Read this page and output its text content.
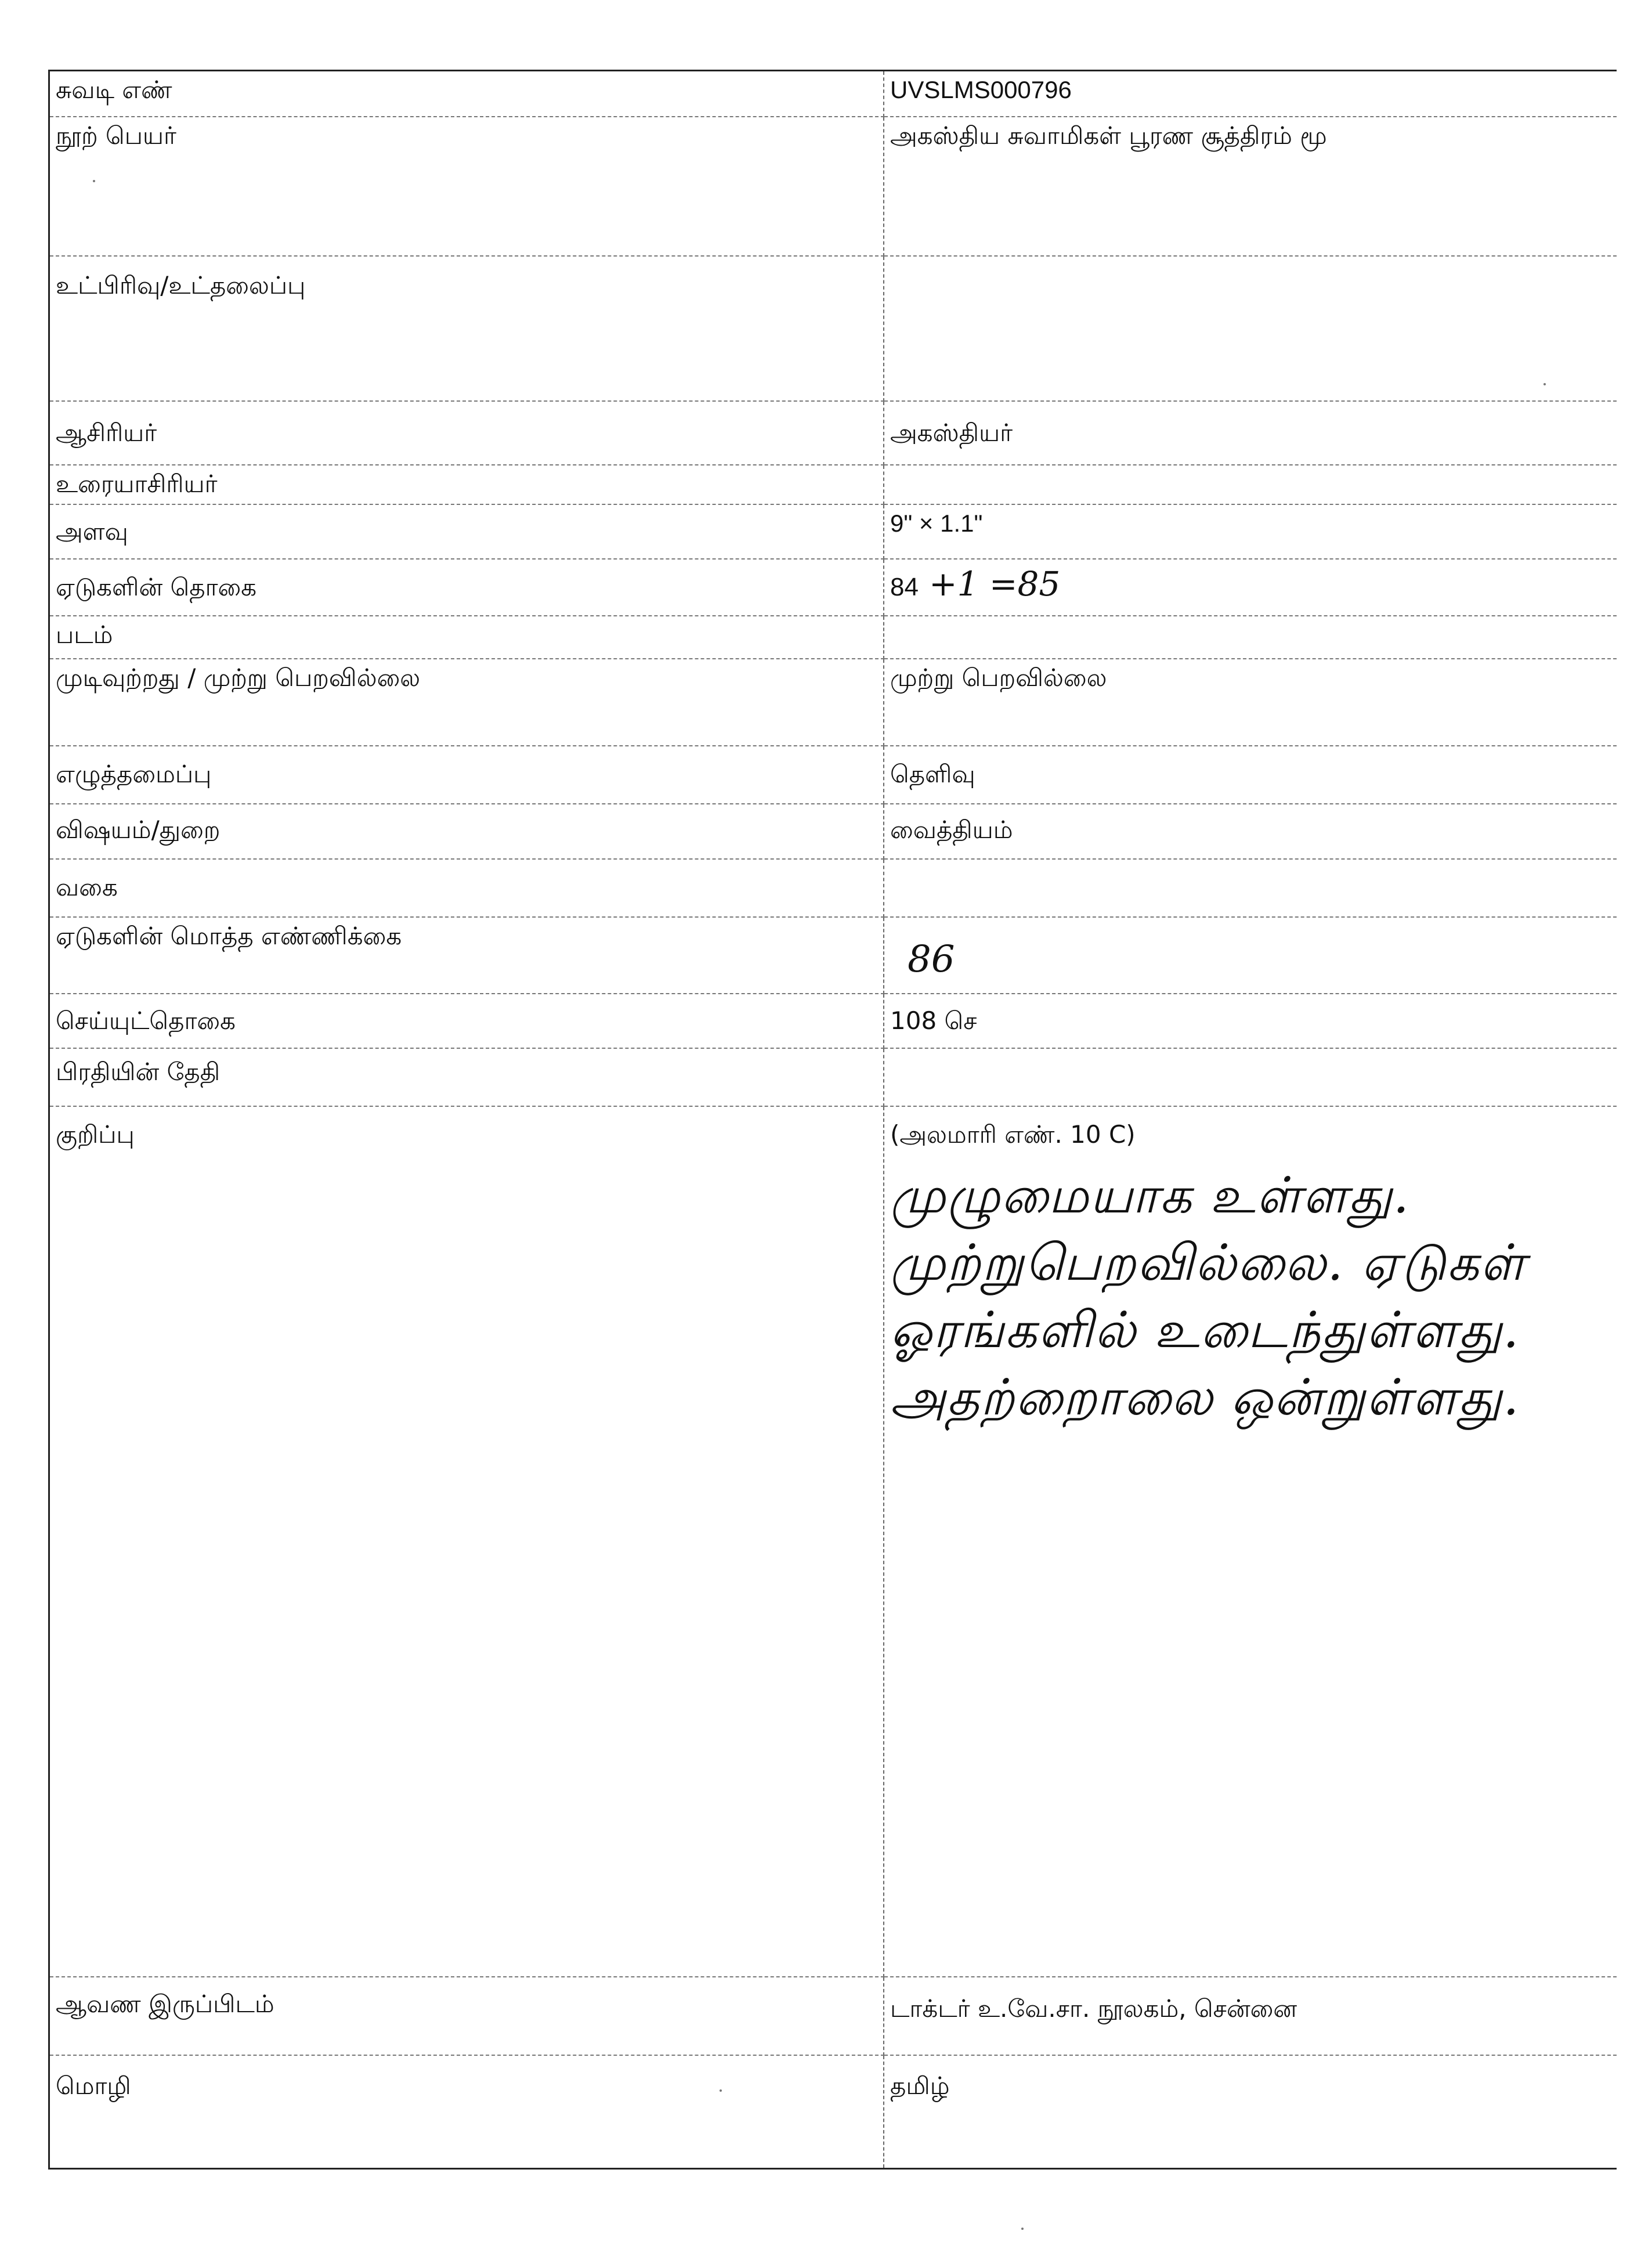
சுவடி எண்	UVSLMS000796
நூற் பெயர்	அகஸ்திய சுவாமிகள் பூரண சூத்திரம் மூ
உட்பிரிவு/உட்தலைப்பு	
ஆசிரியர்	அகஸ்தியர்
உரையாசிரியர்	
அளவு	9" × 1.1"
ஏடுகளின் தொகை	84 +1 =85
படம்	
முடிவுற்றது / முற்று பெறவில்லை	முற்று பெறவில்லை
எழுத்தமைப்பு	தெளிவு
விஷயம்/துறை	வைத்தியம்
வகை	
ஏடுகளின் மொத்த எண்ணிக்கை	86
செய்யுட்தொகை	108 செ
பிரதியின் தேதி	
குறிப்பு	(அலமாரி எண். 10 C)
முழுமையாக உள்ளது.
முற்றுபெறவில்லை. ஏடுகள்
ஓரங்களில் உடைந்துள்ளது.
அதற்றைாலை ஒன்றுள்ளது.

ஆவண இருப்பிடம்	டாக்டர் உ.வே.சா. நூலகம், சென்னை
மொழி	தமிழ்
